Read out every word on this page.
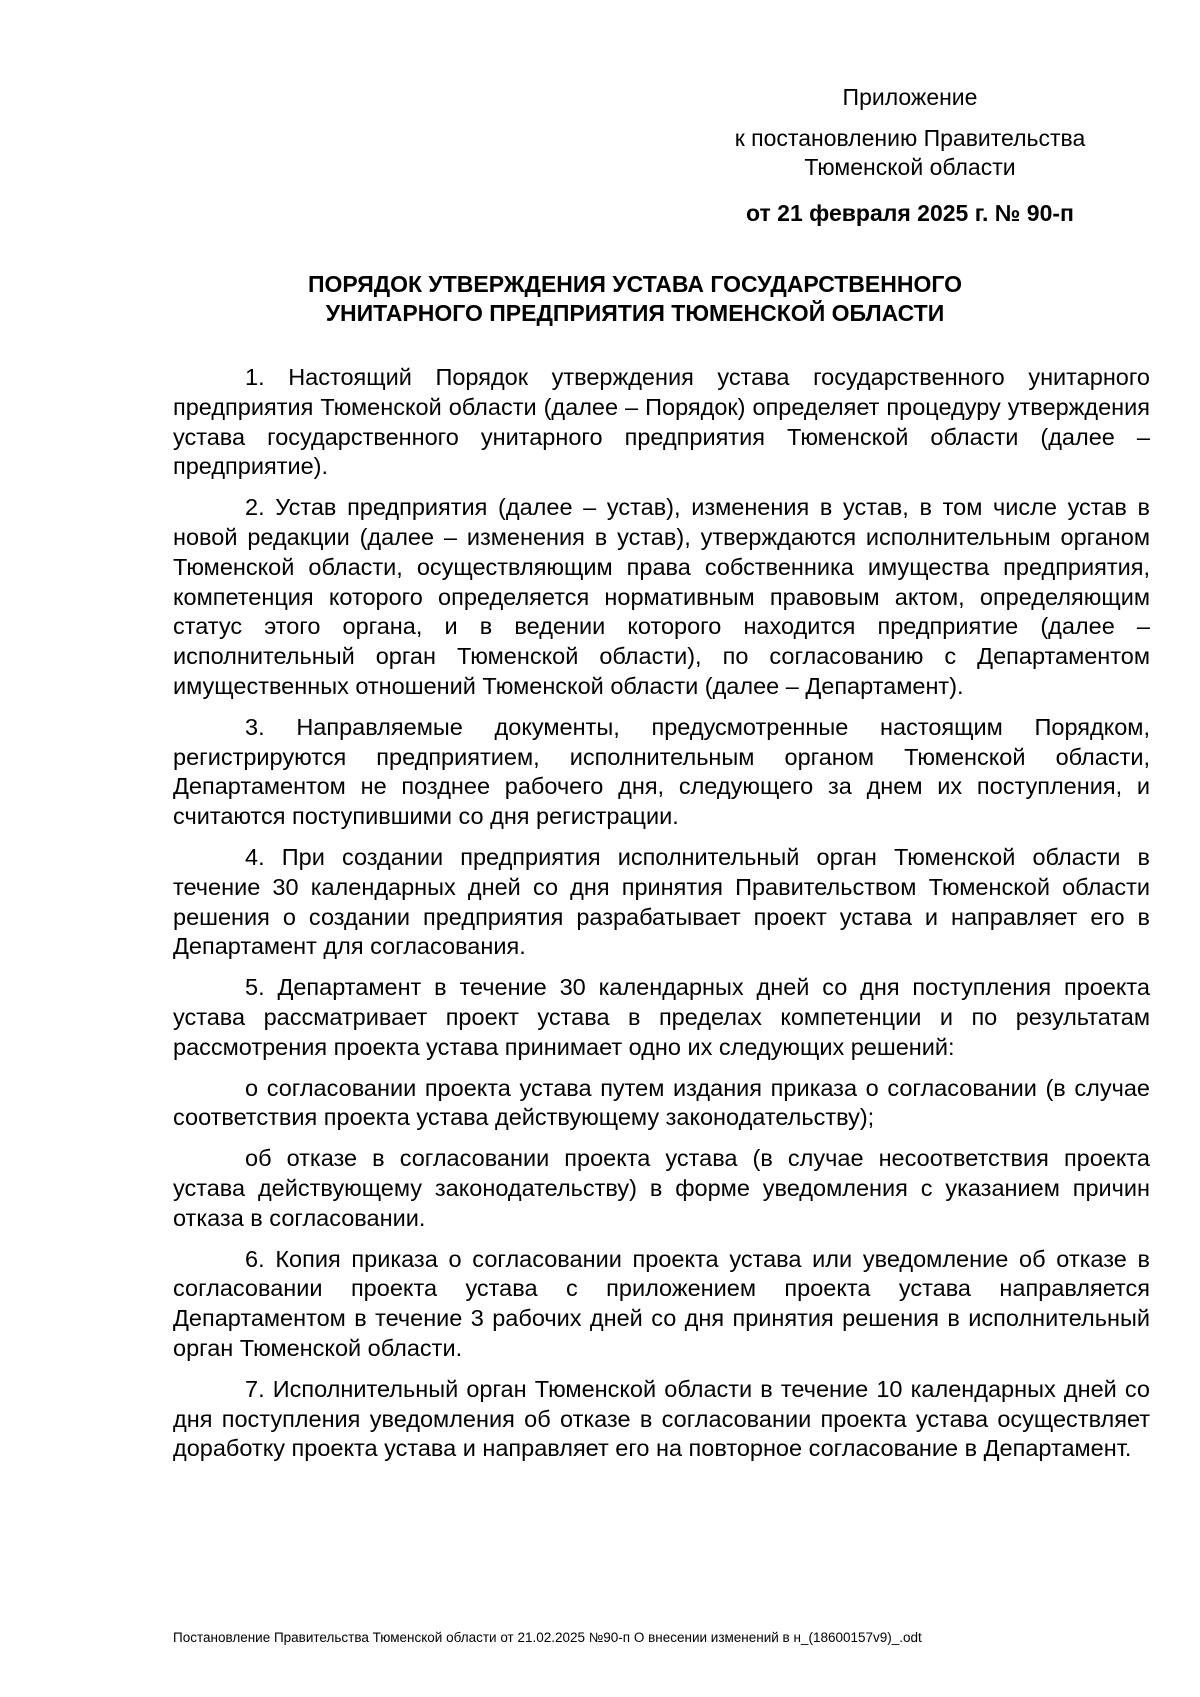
Приложение

к постановлению Правительства

Тюменской области

от 21 февраля 2025 г. № 90-п

ПОРЯДОК УТВЕРЖДЕНИЯ УСТАВА ГОСУДАРСТВЕННОГО
УНИТАРНОГО ПРЕДПРИЯТИЯ ТЮМЕНСКОЙ ОБЛАСТИ

1. Настоящий Порядок утверждения устава государственного унитарного предприятия Тюменской области (далее – Порядок) определяет процедуру утверждения устава государственного унитарного предприятия Тюменской области (далее – предприятие).

2. Устав предприятия (далее – устав), изменения в устав, в том числе устав в новой редакции (далее – изменения в устав), утверждаются исполнительным органом Тюменской области, осуществляющим права собственника имущества предприятия, компетенция которого определяется нормативным правовым актом, определяющим статус этого органа, и в ведении которого находится предприятие (далее – исполнительный орган Тюменской области), по согласованию с Департаментом имущественных отношений Тюменской области (далее – Департамент).

3. Направляемые документы, предусмотренные настоящим Порядком, регистрируются предприятием, исполнительным органом Тюменской области, Департаментом не позднее рабочего дня, следующего за днем их поступления, и считаются поступившими со дня регистрации.

4. При создании предприятия исполнительный орган Тюменской области в течение 30 календарных дней со дня принятия Правительством Тюменской области решения о создании предприятия разрабатывает проект устава и направляет его в Департамент для согласования.

5. Департамент в течение 30 календарных дней со дня поступления проекта устава рассматривает проект устава в пределах компетенции и по результатам рассмотрения проекта устава принимает одно их следующих решений:

о согласовании проекта устава путем издания приказа о согласовании (в случае соответствия проекта устава действующему законодательству);

об отказе в согласовании проекта устава (в случае несоответствия проекта устава действующему законодательству) в форме уведомления с указанием причин отказа в согласовании.

6. Копия приказа о согласовании проекта устава или уведомление об отказе в согласовании проекта устава с приложением проекта устава направляется Департаментом в течение 3 рабочих дней со дня принятия решения в исполнительный орган Тюменской области.

7. Исполнительный орган Тюменской области в течение 10 календарных дней со дня поступления уведомления об отказе в согласовании проекта устава осуществляет доработку проекта устава и направляет его на повторное согласование в Департамент.

Постановление Правительства Тюменской области от 21.02.2025 №90-п О внесении изменений в н_(18600157v9)_.odt
